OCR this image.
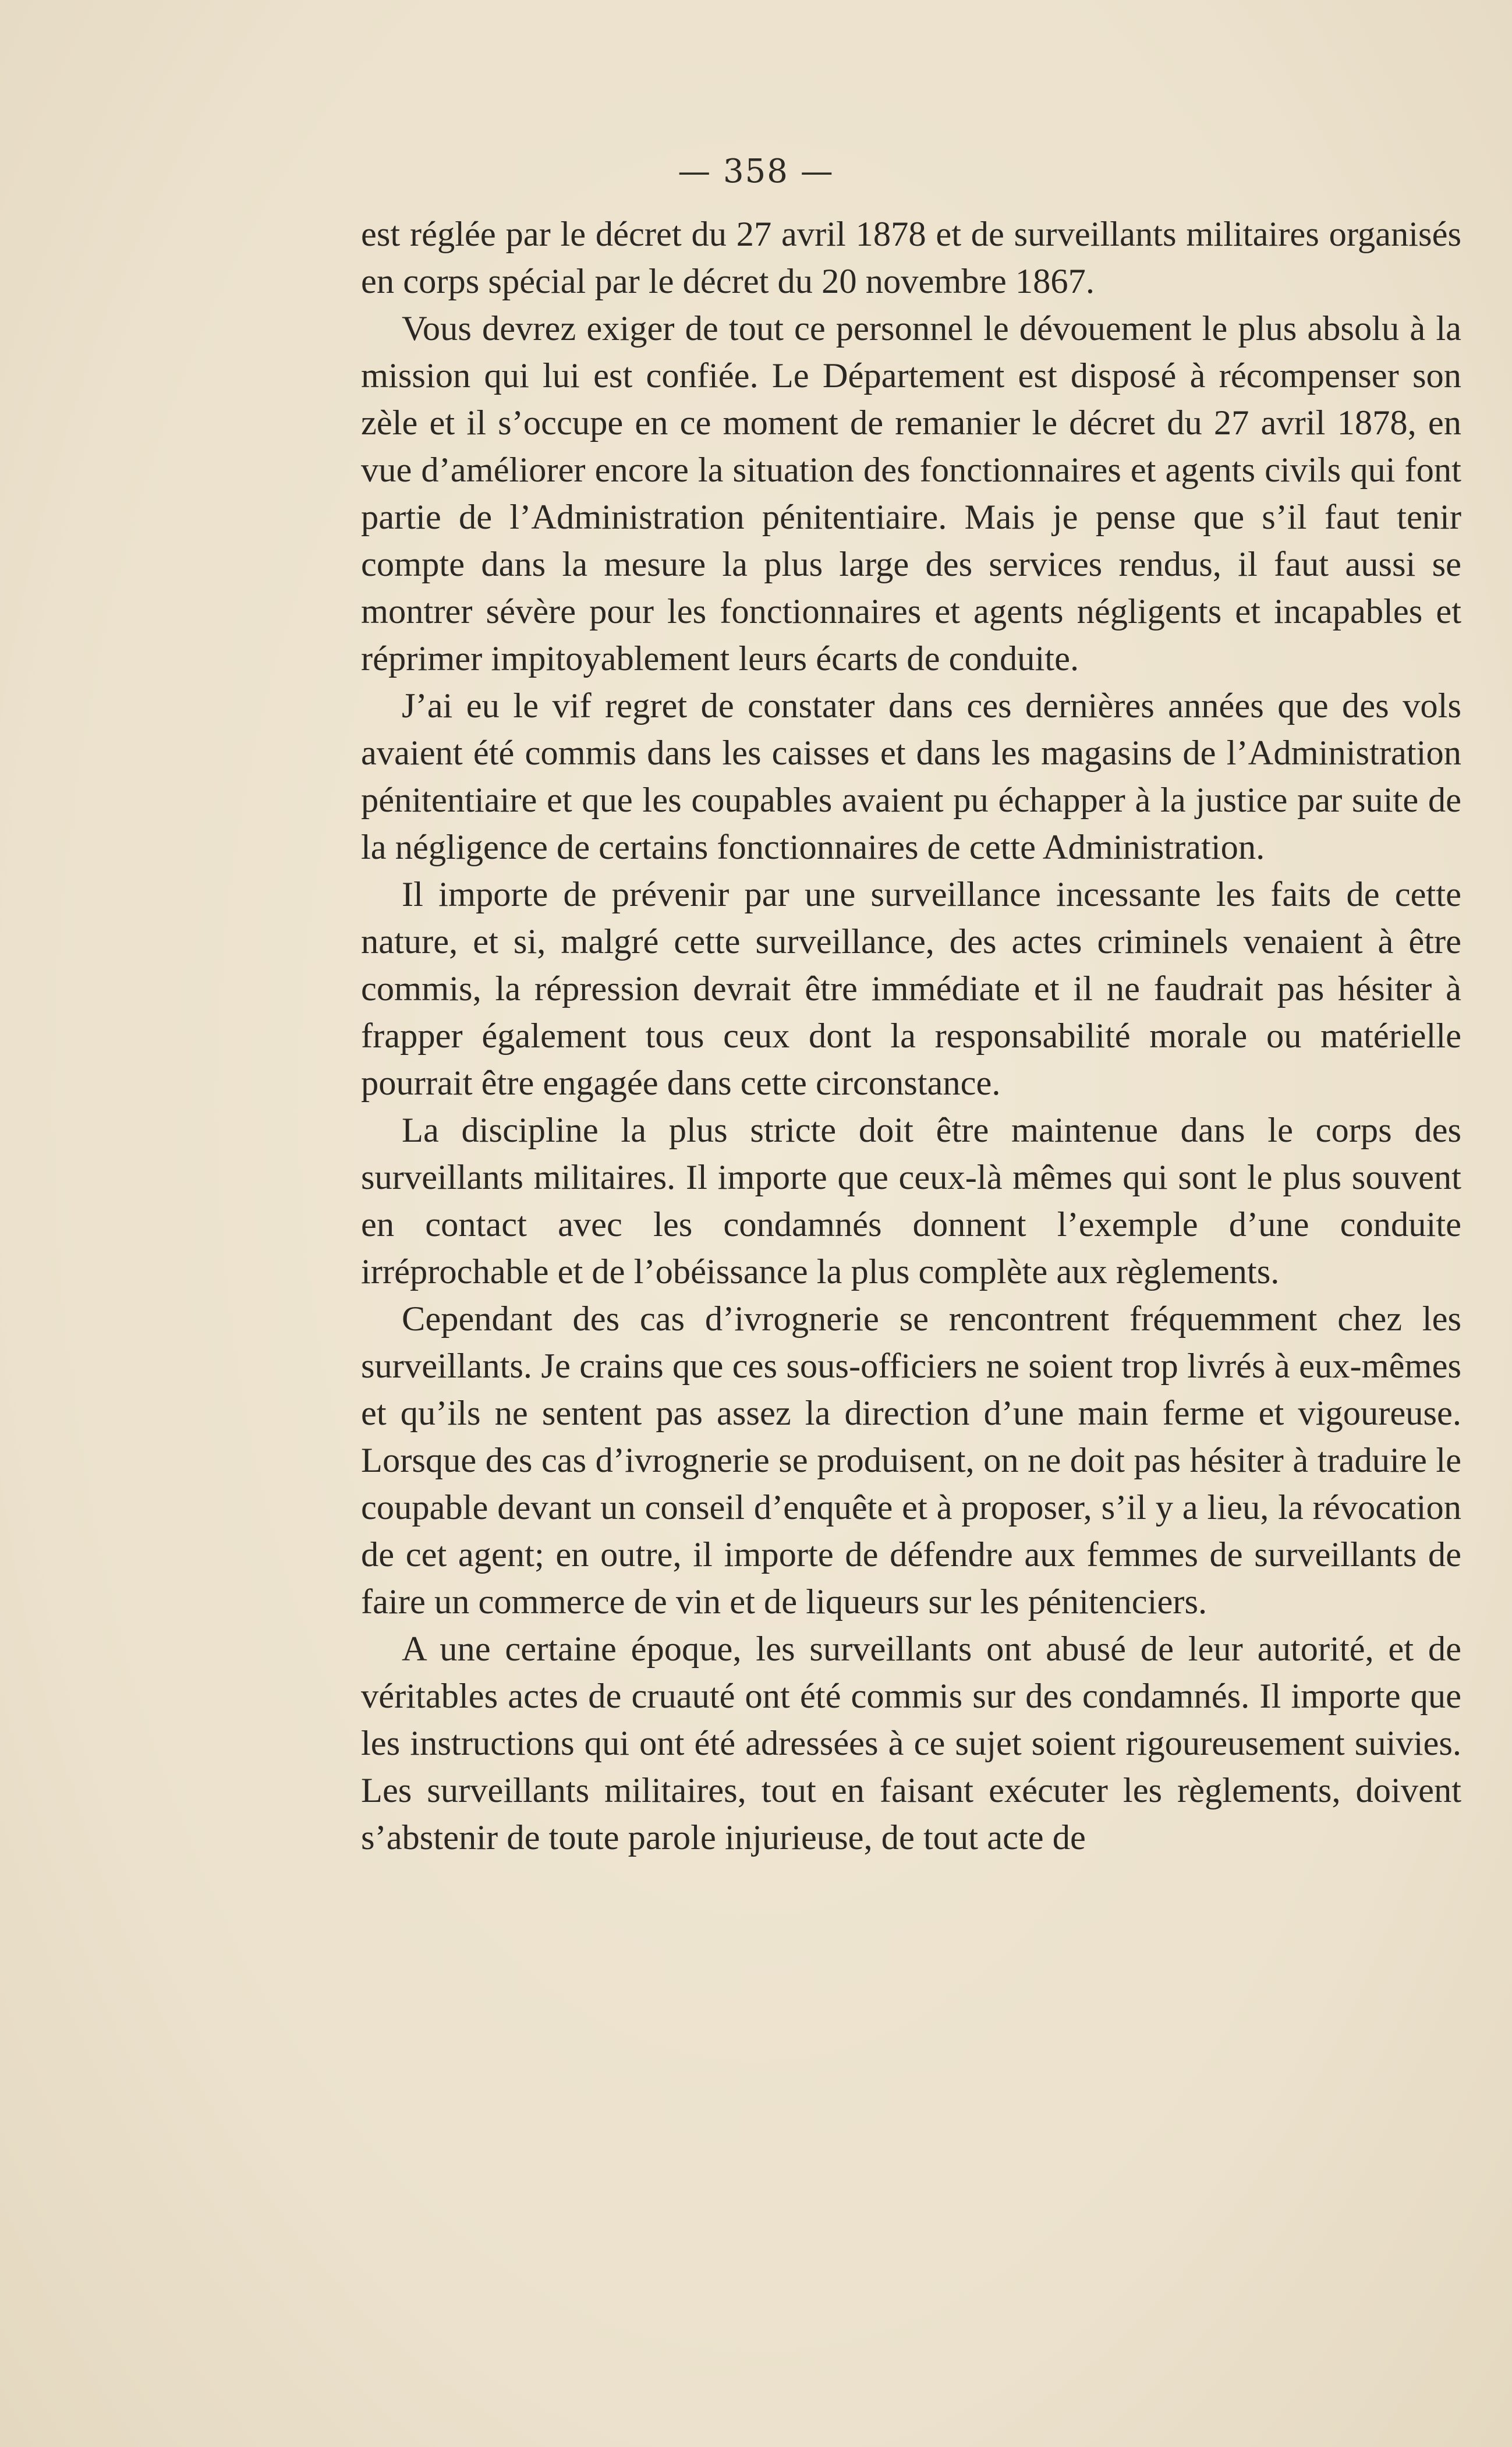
— 358 —

est réglée par le décret du 27 avril 1878 et de surveillants militaires organisés en corps spécial par le décret du 20 novembre 1867.

Vous devrez exiger de tout ce personnel le dévouement le plus absolu à la mission qui lui est confiée. Le Département est disposé à récompenser son zèle et il s’occupe en ce moment de remanier le décret du 27 avril 1878, en vue d’améliorer encore la situation des fonctionnaires et agents civils qui font partie de l’Administration pénitentiaire. Mais je pense que s’il faut tenir compte dans la mesure la plus large des services rendus, il faut aussi se montrer sévère pour les fonctionnaires et agents négligents et incapables et réprimer impitoyablement leurs écarts de conduite.

J’ai eu le vif regret de constater dans ces dernières années que des vols avaient été commis dans les caisses et dans les magasins de l’Administration pénitentiaire et que les coupables avaient pu échapper à la justice par suite de la négligence de certains fonctionnaires de cette Administration.

Il importe de prévenir par une surveillance incessante les faits de cette nature, et si, malgré cette surveillance, des actes criminels venaient à être commis, la répression devrait être immédiate et il ne faudrait pas hésiter à frapper également tous ceux dont la responsabilité morale ou matérielle pourrait être engagée dans cette circonstance.

La discipline la plus stricte doit être maintenue dans le corps des surveillants militaires. Il importe que ceux-là mêmes qui sont le plus souvent en contact avec les condamnés donnent l’exemple d’une conduite irréprochable et de l’obéissance la plus complète aux règlements.

Cependant des cas d’ivrognerie se rencontrent fréquemment chez les surveillants. Je crains que ces sous-officiers ne soient trop livrés à eux-mêmes et qu’ils ne sentent pas assez la direction d’une main ferme et vigoureuse. Lorsque des cas d’ivrognerie se produisent, on ne doit pas hésiter à traduire le coupable devant un conseil d’enquête et à proposer, s’il y a lieu, la révocation de cet agent; en outre, il importe de défendre aux femmes de surveillants de faire un commerce de vin et de liqueurs sur les pénitenciers.

A une certaine époque, les surveillants ont abusé de leur autorité, et de véritables actes de cruauté ont été commis sur des condamnés. Il importe que les instructions qui ont été adressées à ce sujet soient rigoureusement suivies. Les surveillants militaires, tout en faisant exécuter les règlements, doivent s’abstenir de toute parole injurieuse, de tout acte de
